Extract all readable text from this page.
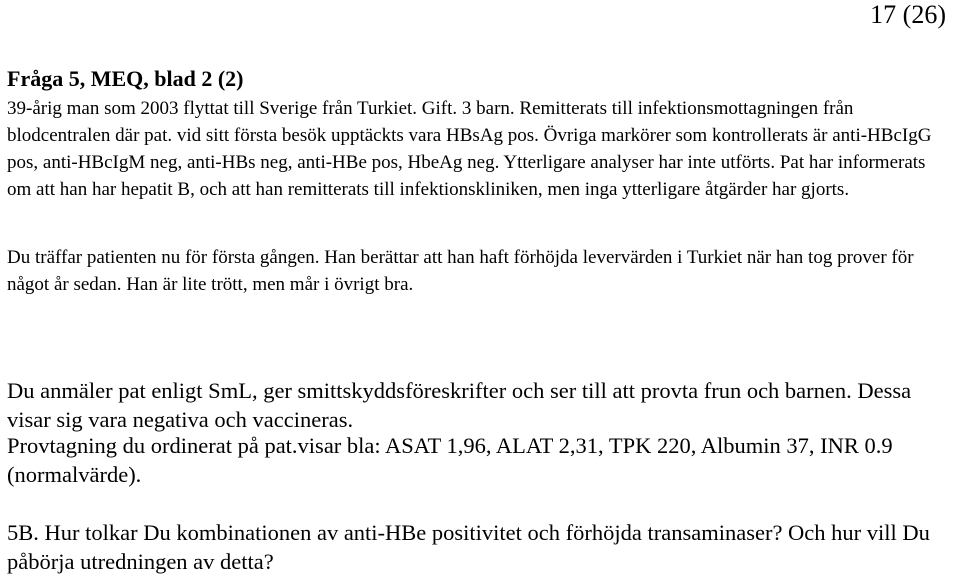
17 (26)
Fråga 5, MEQ, blad 2 (2)
39-årig man som 2003 flyttat till Sverige från Turkiet. Gift. 3 barn. Remitterats till infektionsmottagningen från blodcentralen där pat. vid sitt första besök upptäckts vara HBsAg pos. Övriga markörer som kontrollerats är anti-HBcIgG pos, anti-HBcIgM neg, anti-HBs neg, anti-HBe pos, HbeAg neg. Ytterligare analyser har inte utförts. Pat har informerats om att han har hepatit B, och att han remitterats till infektionskliniken, men inga ytterligare åtgärder har gjorts.
Du träffar patienten nu för första gången. Han berättar att han haft förhöjda levervärden i Turkiet när han tog prover för något år sedan. Han är lite trött, men mår i övrigt bra.
Du anmäler pat enligt SmL, ger smittskyddsföreskrifter och ser till att provta frun och barnen. Dessa visar sig vara negativa och vaccineras.
Provtagning du ordinerat på pat.visar bla: ASAT 1,96, ALAT 2,31, TPK 220, Albumin 37, INR 0.9 (normalvärde).
5B. Hur tolkar Du kombinationen av anti-HBe positivitet och förhöjda transaminaser? Och hur vill Du påbörja utredningen av detta?
